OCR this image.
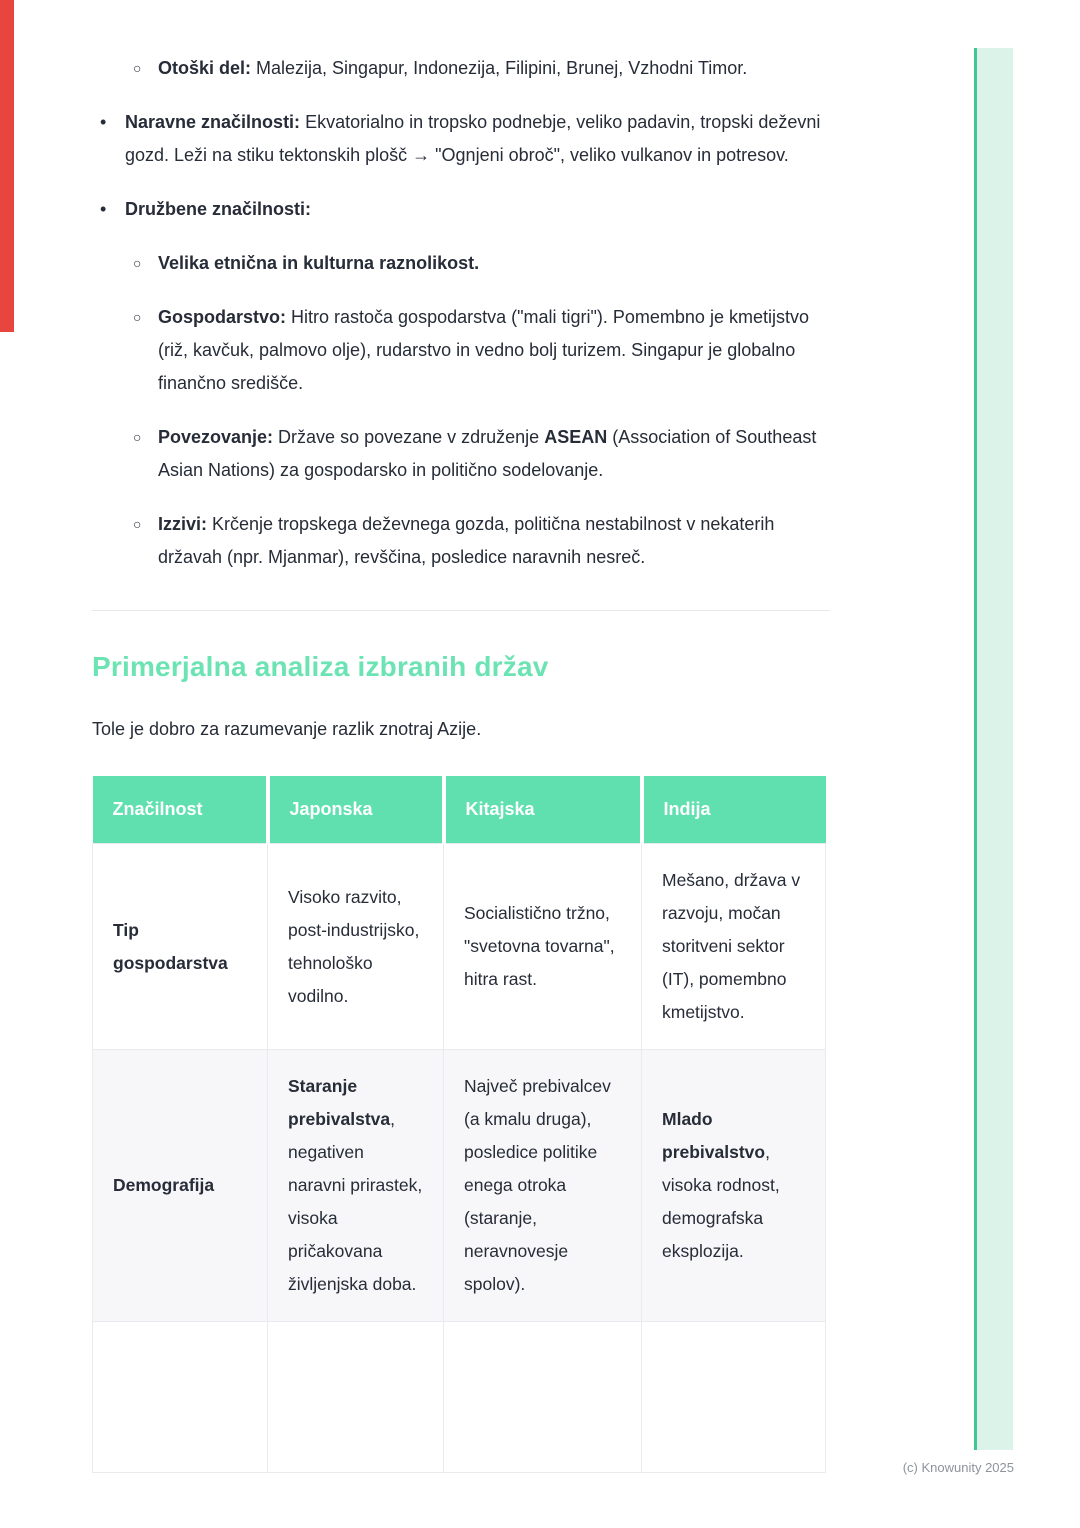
○ Otoški del: Malezija, Singapur, Indonezija, Filipini, Brunej, Vzhodni Timor.
•	Naravne značilnosti: Ekvatorialno in tropsko podnebje, veliko padavin, tropski deževni gozd. Leži na stiku tektonskih plošč → "Ognjeni obroč", veliko vulkanov in potresov.
•	Družbene značilnosti:
○ Velika etnična in kulturna raznolikost.
○ Gospodarstvo: Hitro rastoča gospodarstva ("mali tigri"). Pomembno je kmetijstvo (riž, kavčuk, palmovo olje), rudarstvo in vedno bolj turizem. Singapur je globalno finančno središče.
○ Povezovanje: Države so povezane v združenje ASEAN (Association of Southeast Asian Nations) za gospodarsko in politično sodelovanje.
○ Izzivi: Krčenje tropskega deževnega gozda, politična nestabilnost v nekaterih državah (npr. Mjanmar), revščina, posledice naravnih nesreč.
Primerjalna analiza izbranih držav

Tole je dobro za razumevanje razlik znotraj Azije.

Značilnost	Japonska	Kitajska	Indija
Tip gospodarstva	Visoko razvito, post-industrijsko, tehnološko vodilno.	Socialistično tržno, "svetovna tovarna", hitra rast.	Mešano, država v razvoju, močan storitveni sektor (IT), pomembno kmetijstvo.
Demografija	Staranje prebivalstva, negativen naravni prirastek, visoka pričakovana življenjska doba.	Največ prebivalcev (a kmalu druga), posledice politike enega otroka (staranje, neravnovesje spolov).	Mlado prebivalstvo, visoka rodnost, demografska eksplozija.

(c) Knowunity 2025
